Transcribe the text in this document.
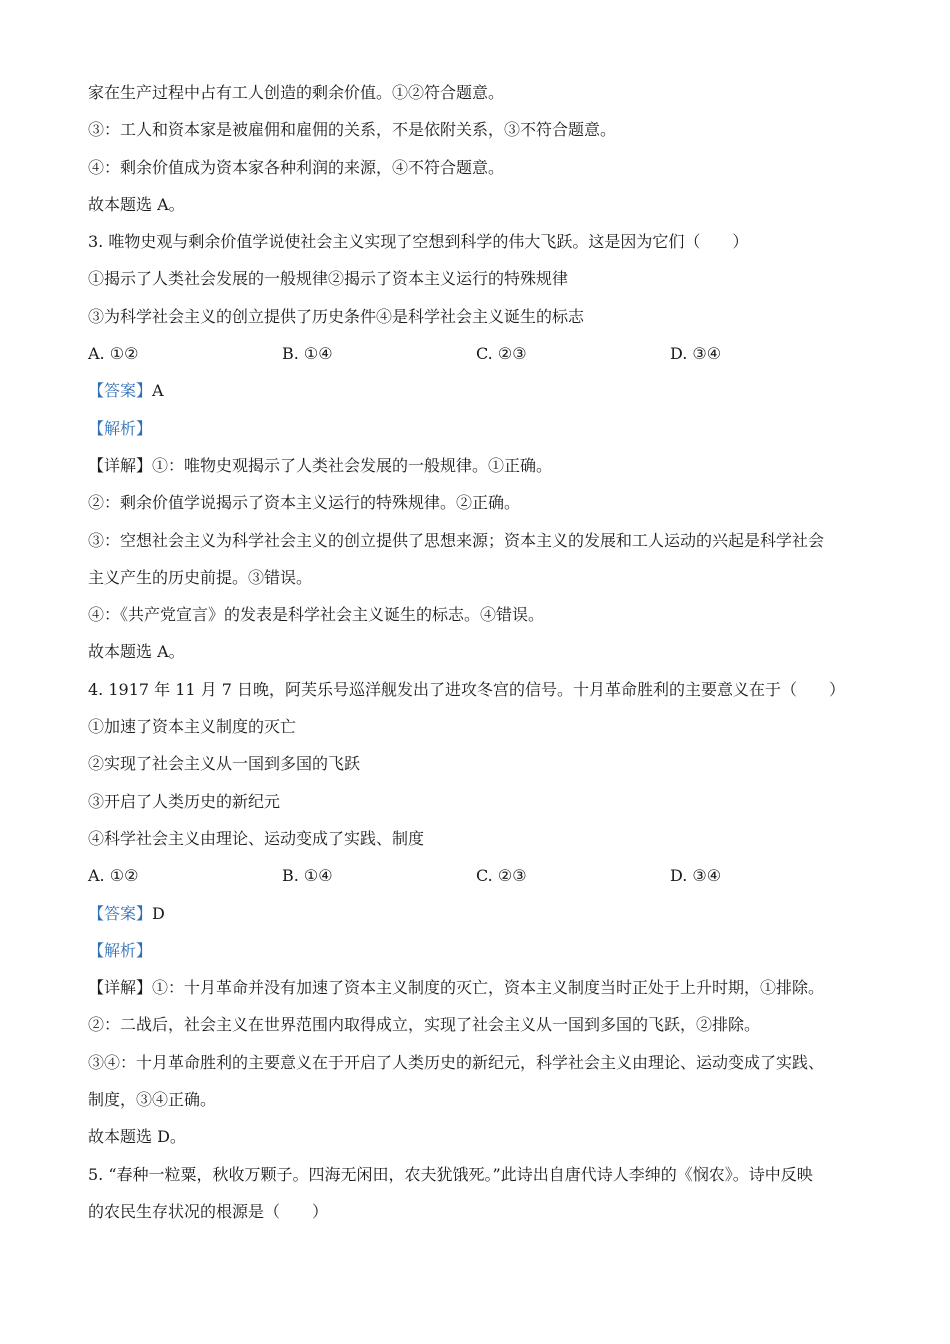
家在生产过程中占有工人创造的剩余价值。①②符合题意。
③：工人和资本家是被雇佣和雇佣的关系，不是依附关系，③不符合题意。
④：剩余价值成为资本家各种利润的来源，④不符合题意。
故本题选 A。
3. 唯物史观与剩余价值学说使社会主义实现了空想到科学的伟大飞跃。这是因为它们（　　）
①揭示了人类社会发展的一般规律②揭示了资本主义运行的特殊规律
③为科学社会主义的创立提供了历史条件④是科学社会主义诞生的标志
A. ①②	B. ①④	C. ②③	D. ③④
【答案】A
【解析】
【详解】①：唯物史观揭示了人类社会发展的一般规律。①正确。
②：剩余价值学说揭示了资本主义运行的特殊规律。②正确。
③：空想社会主义为科学社会主义的创立提供了思想来源；资本主义的发展和工人运动的兴起是科学社会
主义产生的历史前提。③错误。
④：《共产党宣言》的发表是科学社会主义诞生的标志。④错误。
故本题选 A。
4. 1917 年 11 月 7 日晚，阿芙乐号巡洋舰发出了进攻冬宫的信号。十月革命胜利的主要意义在于（　　）
①加速了资本主义制度的灭亡
②实现了社会主义从一国到多国的飞跃
③开启了人类历史的新纪元
④科学社会主义由理论、运动变成了实践、制度
A. ①②	B. ①④	C. ②③	D. ③④
【答案】D
【解析】
【详解】①：十月革命并没有加速了资本主义制度的灭亡，资本主义制度当时正处于上升时期，①排除。
②：二战后，社会主义在世界范围内取得成立，实现了社会主义从一国到多国的飞跃，②排除。
③④：十月革命胜利的主要意义在于开启了人类历史的新纪元，科学社会主义由理论、运动变成了实践、
制度，③④正确。
故本题选 D。
5. “春种一粒粟，秋收万颗子。四海无闲田，农夫犹饿死。”此诗出自唐代诗人李绅的《悯农》。诗中反映
的农民生存状况的根源是（　　）
